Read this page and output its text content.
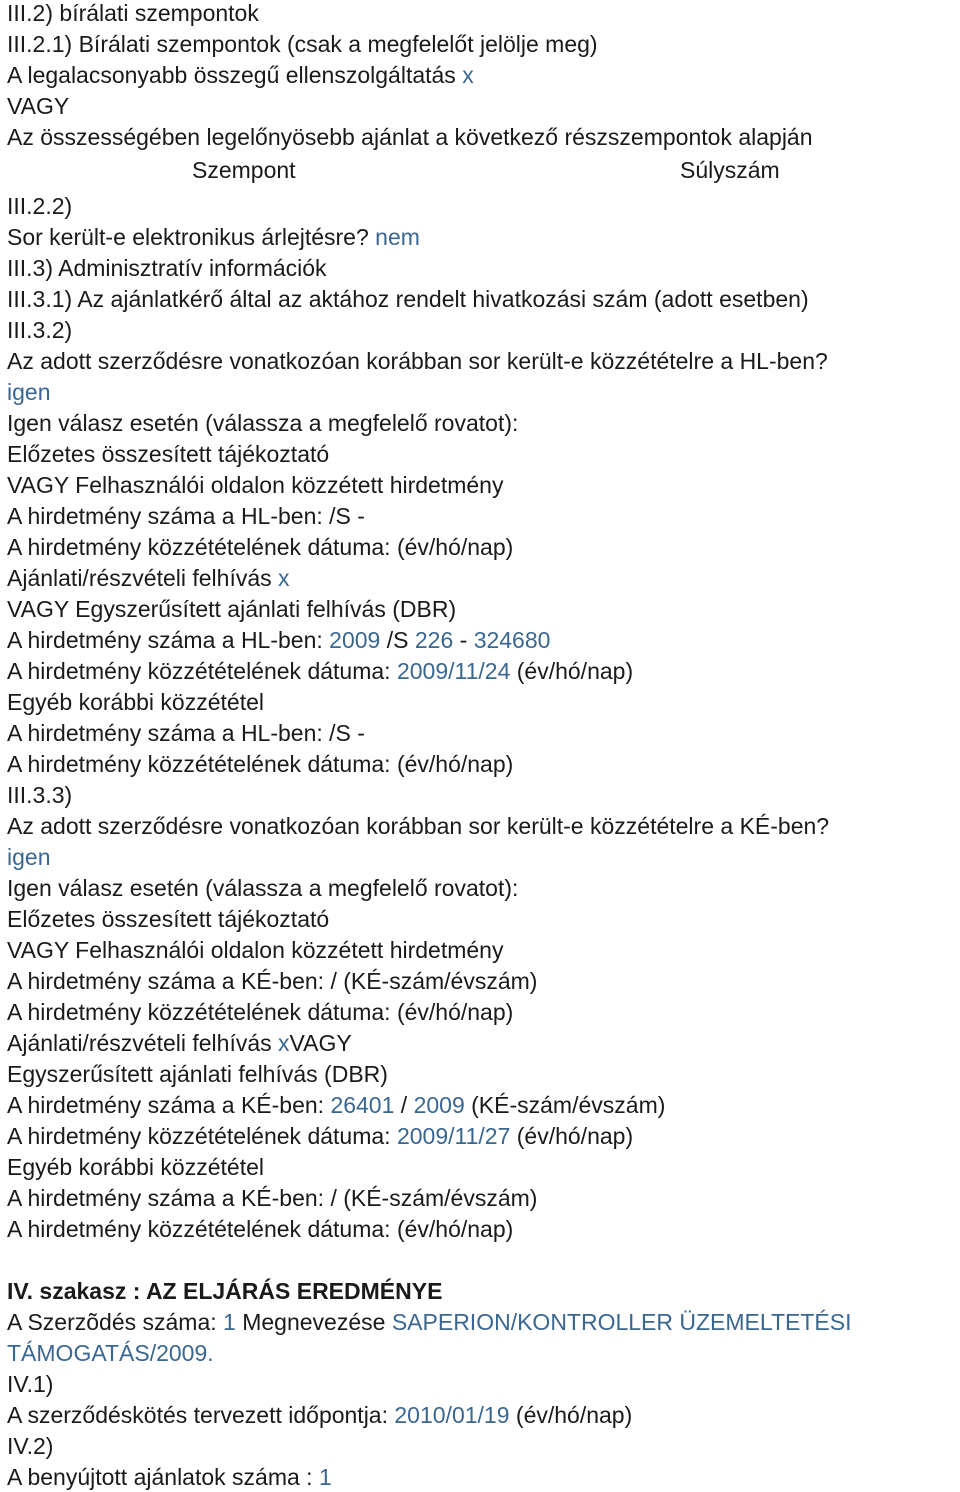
III.2) bírálati szempontok
III.2.1) Bírálati szempontok (csak a megfelelőt jelölje meg)
A legalacsonyabb összegű ellenszolgáltatás x
VAGY
Az összességében legelőnyösebb ajánlat a következő részszempontok alapján
Szempont	Súlyszám
III.2.2)
Sor került-e elektronikus árlejtésre? nem
III.3) Adminisztratív információk
III.3.1) Az ajánlatkérő által az aktához rendelt hivatkozási szám (adott esetben)
III.3.2)
Az adott szerződésre vonatkozóan korábban sor került-e közzétételre a HL-ben?
igen
Igen válasz esetén (válassza a megfelelő rovatot):
Előzetes összesített tájékoztató
VAGY Felhasználói oldalon közzétett hirdetmény
A hirdetmény száma a HL-ben: /S -
A hirdetmény közzétételének dátuma: (év/hó/nap)
Ajánlati/részvételi felhívás x
VAGY Egyszerűsített ajánlati felhívás (DBR)
A hirdetmény száma a HL-ben: 2009 /S 226 - 324680
A hirdetmény közzétételének dátuma: 2009/11/24 (év/hó/nap)
Egyéb korábbi közzététel
A hirdetmény száma a HL-ben: /S -
A hirdetmény közzétételének dátuma: (év/hó/nap)
III.3.3)
Az adott szerződésre vonatkozóan korábban sor került-e közzétételre a KÉ-ben?
igen
Igen válasz esetén (válassza a megfelelő rovatot):
Előzetes összesített tájékoztató
VAGY Felhasználói oldalon közzétett hirdetmény
A hirdetmény száma a KÉ-ben: / (KÉ-szám/évszám)
A hirdetmény közzétételének dátuma: (év/hó/nap)
Ajánlati/részvételi felhívás xVAGY
Egyszerűsített ajánlati felhívás (DBR)
A hirdetmény száma a KÉ-ben: 26401 / 2009 (KÉ-szám/évszám)
A hirdetmény közzétételének dátuma: 2009/11/27 (év/hó/nap)
Egyéb korábbi közzététel
A hirdetmény száma a KÉ-ben: / (KÉ-szám/évszám)
A hirdetmény közzétételének dátuma: (év/hó/nap)
IV. szakasz : AZ ELJÁRÁS EREDMÉNYE
A Szerzõdés száma: 1 Megnevezése SAPERION/KONTROLLER ÜZEMELTETÉSI
TÁMOGATÁS/2009.
IV.1)
A szerződéskötés tervezett időpontja: 2010/01/19 (év/hó/nap)
IV.2)
A benyújtott ajánlatok száma : 1
